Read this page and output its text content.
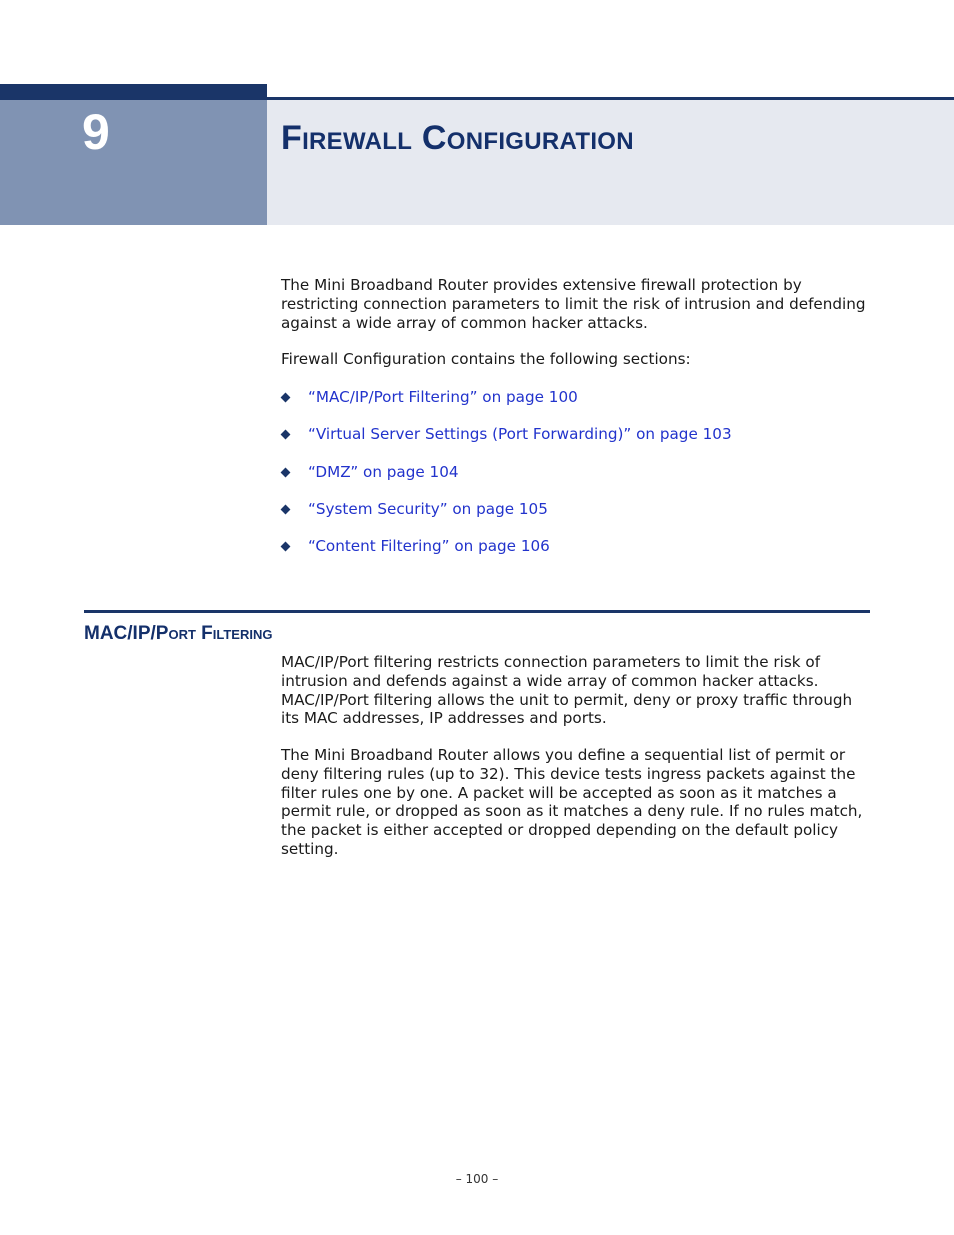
9	Firewall Configuration

The Mini Broadband Router provides extensive firewall protection by restricting connection parameters to limit the risk of intrusion and defending against a wide array of common hacker attacks.

Firewall Configuration contains the following sections:

“MAC/IP/Port Filtering” on page 100
“Virtual Server Settings (Port Forwarding)” on page 103
“DMZ” on page 104
“System Security” on page 105
“Content Filtering” on page 106
MAC/IP/Port Filtering

MAC/IP/Port filtering restricts connection parameters to limit the risk of intrusion and defends against a wide array of common hacker attacks. MAC/IP/Port filtering allows the unit to permit, deny or proxy traffic through its MAC addresses, IP addresses and ports.

The Mini Broadband Router allows you define a sequential list of permit or deny filtering rules (up to 32). This device tests ingress packets against the filter rules one by one. A packet will be accepted as soon as it matches a permit rule, or dropped as soon as it matches a deny rule. If no rules match, the packet is either accepted or dropped depending on the default policy setting.

– 100 –
